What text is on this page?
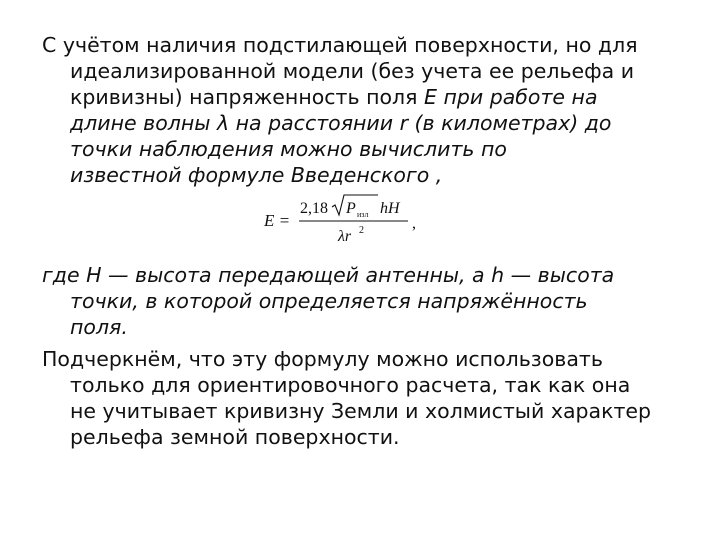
С учётом наличия подстилающей поверхности, но для
идеализированной модели (без учета ее рельефа и
кривизны) напряженность поля E при работе на
длине волны λ на расстоянии r (в километрах) до
точки наблюдения можно вычислить по
известной формуле Введенского ,
E =
2,18 P изл hH
λr 2	,
где H — высота передающей антенны, а h — высота
точки, в которой определяется напряжённость
поля.
Подчеркнём, что эту формулу можно использовать
только для ориентировочного расчета, так как она
не учитывает кривизну Земли и холмистый характер
рельефа земной поверхности.
